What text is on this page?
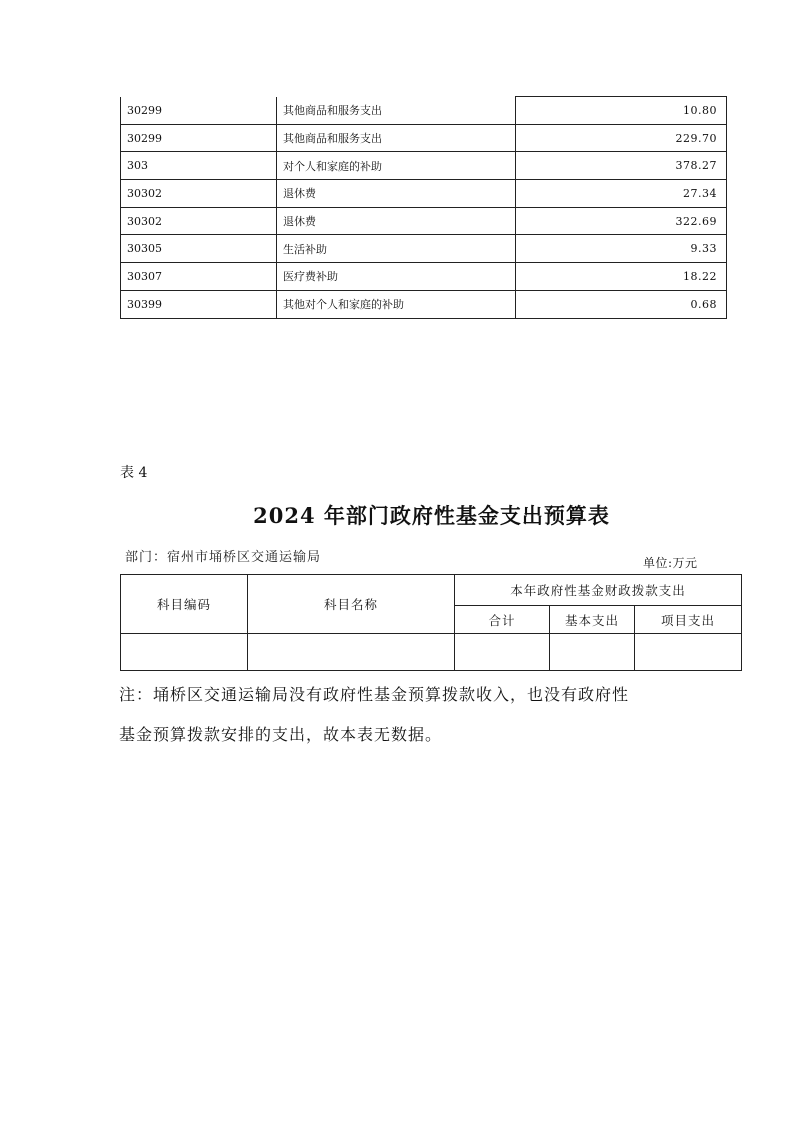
30299	其他商品和服务支出	10.80
30299	其他商品和服务支出	229.70
303	对个人和家庭的补助	378.27
30302	退休费	27.34
30302	退休费	322.69
30305	生活补助	9.33
30307	医疗费补助	18.22
30399	其他对个人和家庭的补助	0.68
表 4
2024 年部门政府性基金支出预算表
部门：宿州市埇桥区交通运输局	单位:万元
科目编码	科目名称	本年政府性基金财政拨款支出		
		合计	基本支出	项目支出

注：埇桥区交通运输局没有政府性基金预算拨款收入，也没有政府性
基金预算拨款安排的支出，故本表无数据。
